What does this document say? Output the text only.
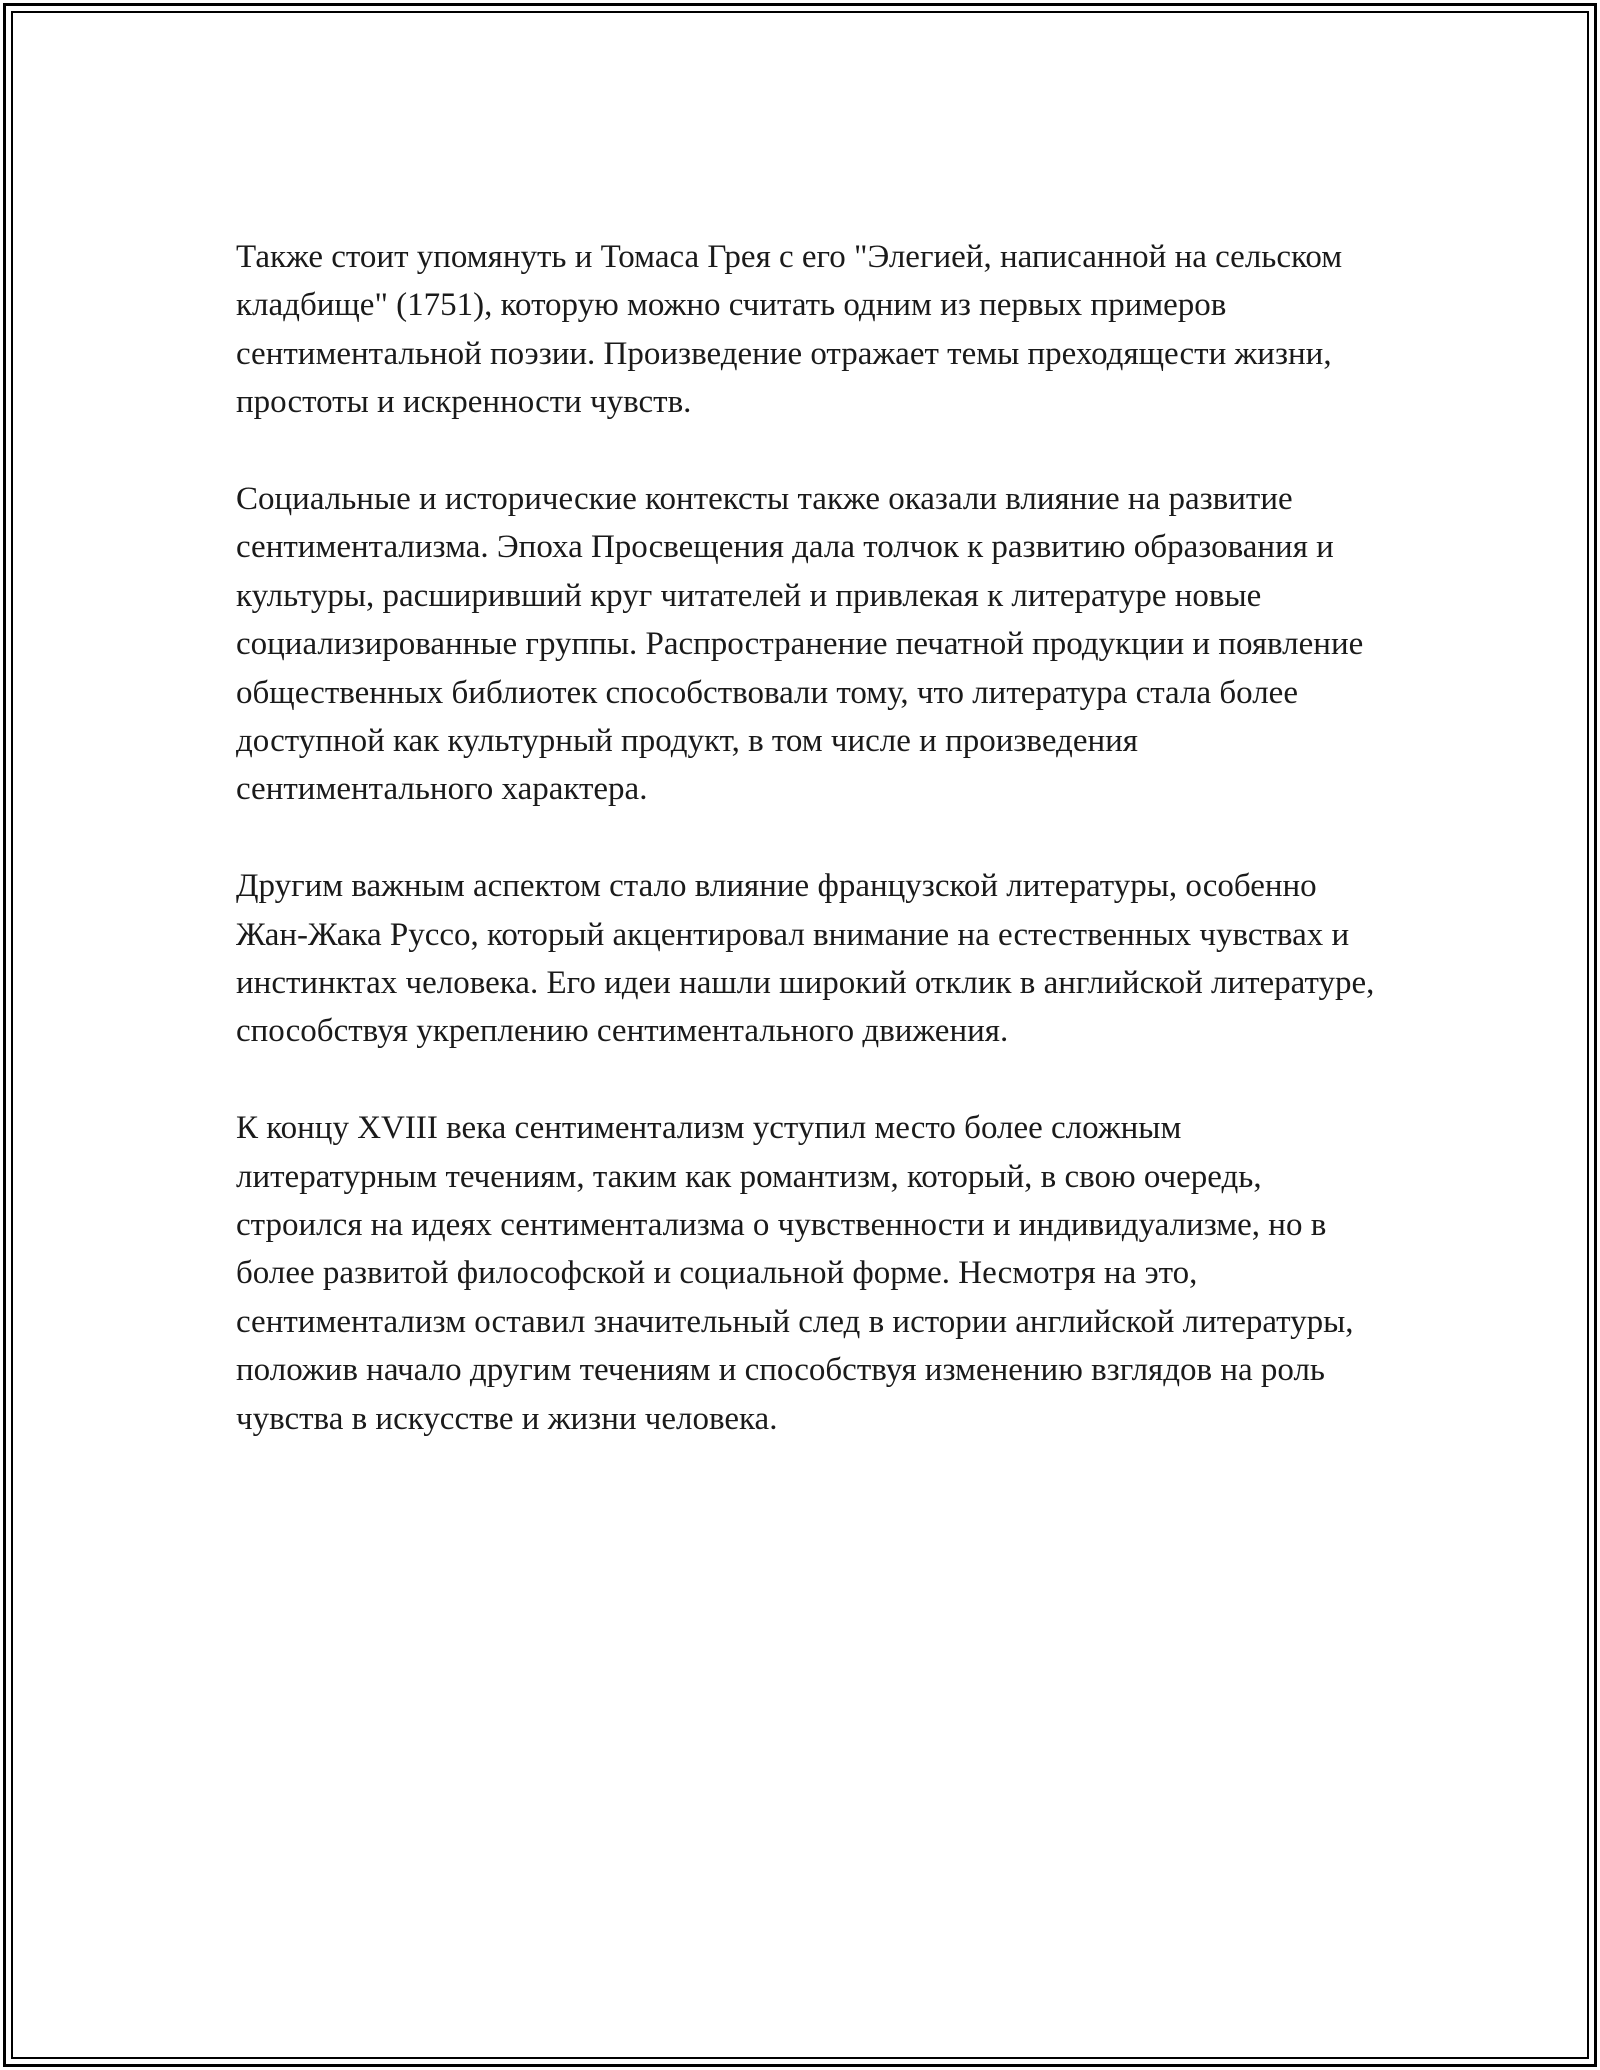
Также стоит упомянуть и Томаса Грея с его "Элегией, написанной на сельском кладбище" (1751), которую можно считать одним из первых примеров сентиментальной поэзии. Произведение отражает темы преходящести жизни, простоты и искренности чувств.

Социальные и исторические контексты также оказали влияние на развитие сентиментализма. Эпоха Просвещения дала толчок к развитию образования и культуры, расширивший круг читателей и привлекая к литературе новые социализированные группы. Распространение печатной продукции и появление общественных библиотек способствовали тому, что литература стала более доступной как культурный продукт, в том числе и произведения сентиментального характера.

Другим важным аспектом стало влияние французской литературы, особенно Жан-Жака Руссо, который акцентировал внимание на естественных чувствах и инстинктах человека. Его идеи нашли широкий отклик в английской литературе, способствуя укреплению сентиментального движения.

К концу XVIII века сентиментализм уступил место более сложным литературным течениям, таким как романтизм, который, в свою очередь, строился на идеях сентиментализма о чувственности и индивидуализме, но в более развитой философской и социальной форме. Несмотря на это, сентиментализм оставил значительный след в истории английской литературы, положив начало другим течениям и способствуя изменению взглядов на роль чувства в искусстве и жизни человека.
